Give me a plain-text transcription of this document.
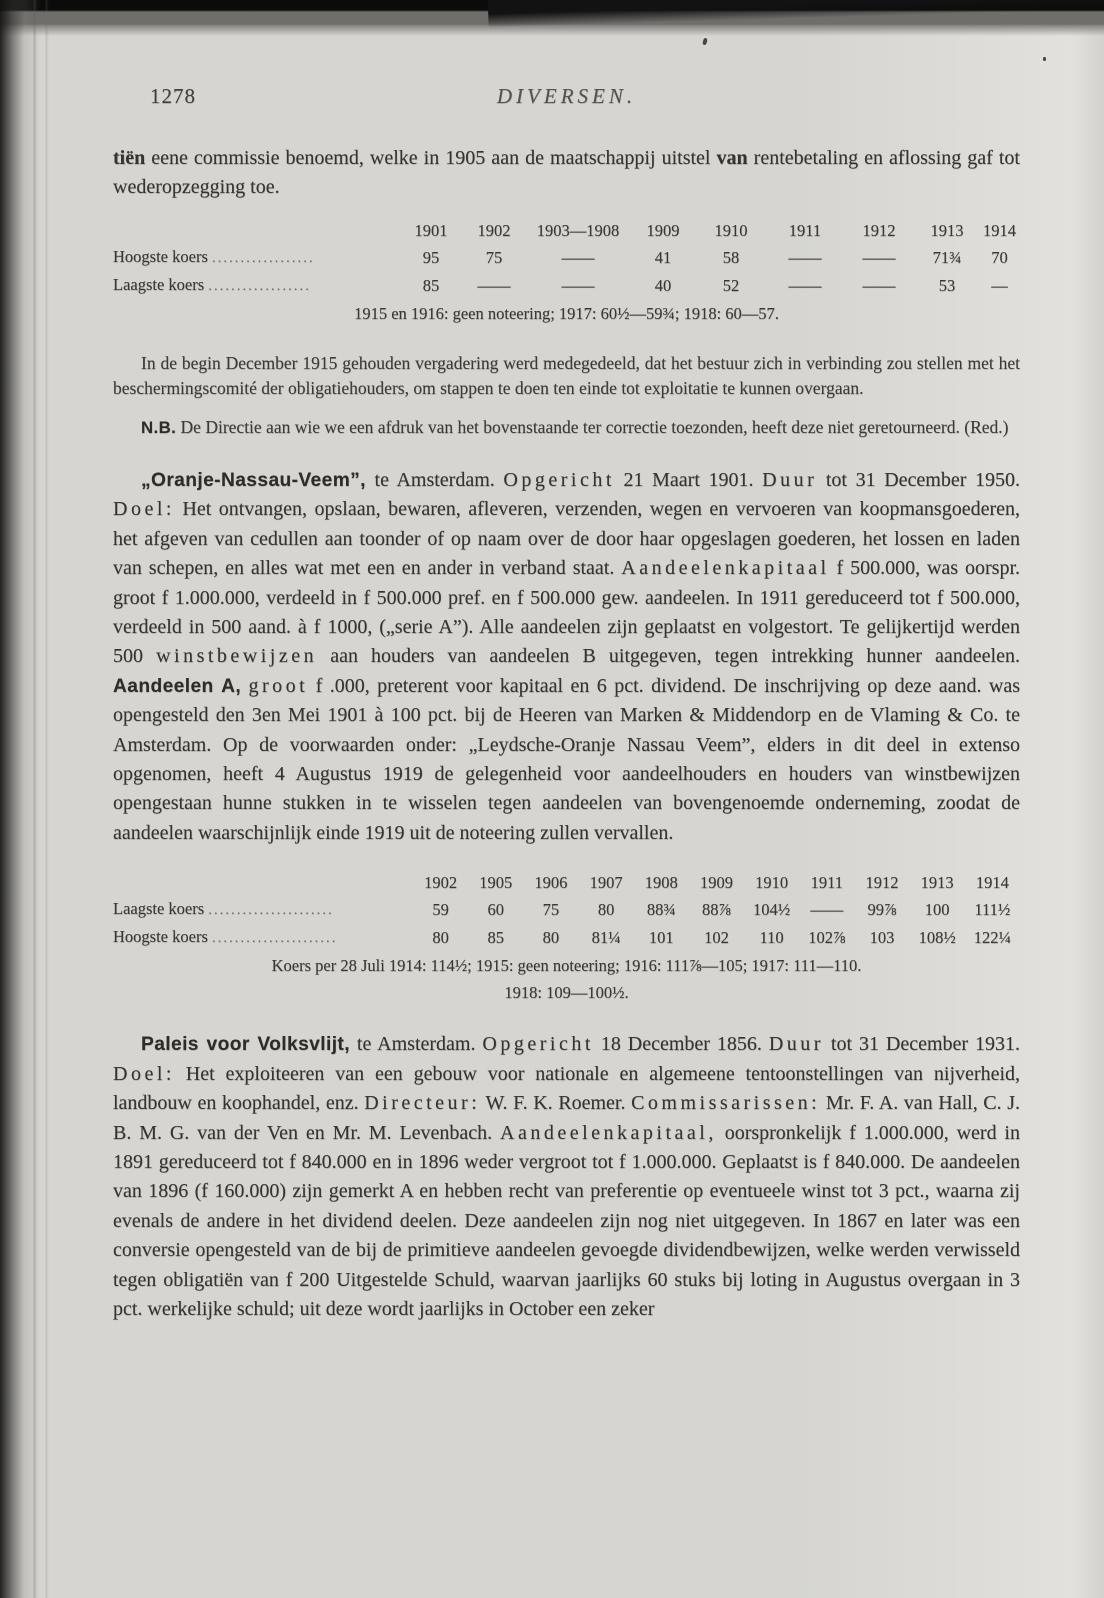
1278	DIVERSEN.

tiën eene commissie benoemd, welke in 1905 aan de maatschappij uitstel van rentebetaling en aflossing gaf tot wederopzegging toe.

	1901	1902	1903—1908	1909	1910	1911	1912	1913	1914
Hoogste koers ..................	95	75	——	41	58	——	——	71¾	70
Laagste koers ..................	85	——	——	40	52	——	——	53	—
1915 en 1916: geen noteering; 1917: 60½—59¾; 1918: 60—57.

In de begin December 1915 gehouden vergadering werd medegedeeld, dat het bestuur zich in verbinding zou stellen met het beschermingscomité der obligatiehouders, om stappen te doen ten einde tot exploitatie te kunnen overgaan.

N.B. De Directie aan wie we een afdruk van het bovenstaande ter correctie toezonden, heeft deze niet geretourneerd. (Red.)

„Oranje-Nassau-Veem”, te Amsterdam. Opgericht 21 Maart 1901. Duur tot 31 December 1950. Doel: Het ontvangen, opslaan, bewaren, afleveren, verzenden, wegen en vervoeren van koopmansgoederen, het afgeven van cedullen aan toonder of op naam over de door haar opgeslagen goederen, het lossen en laden van schepen, en alles wat met een en ander in verband staat. Aandeelenkapitaal f 500.000, was oorspr. groot f 1.000.000, verdeeld in f 500.000 pref. en f 500.000 gew. aandeelen. In 1911 gereduceerd tot f 500.000, verdeeld in 500 aand. à f 1000, („serie A”). Alle aandeelen zijn geplaatst en volgestort. Te gelijkertijd werden 500 winstbewijzen aan houders van aandeelen B uitgegeven, tegen intrekking hunner aandeelen. Aandeelen A, groot f .000, preterent voor kapitaal en 6 pct. dividend. De inschrijving op deze aand. was opengesteld den 3en Mei 1901 à 100 pct. bij de Heeren van Marken & Middendorp en de Vlaming & Co. te Amsterdam. Op de voorwaarden onder: „Leydsche-Oranje Nassau Veem”, elders in dit deel in extenso opgenomen, heeft 4 Augustus 1919 de gelegenheid voor aandeelhouders en houders van winstbewijzen opengestaan hunne stukken in te wisselen tegen aandeelen van bovengenoemde onderneming, zoodat de aandeelen waarschijnlijk einde 1919 uit de noteering zullen vervallen.

	1902	1905	1906	1907	1908	1909	1910	1911	1912	1913	1914
Laagste koers ......................	59	60	75	80	88¾	88⅞	104½	——	99⅞	100	111½
Hoogste koers ......................	80	85	80	81¼	101	102	110	102⅞	103	108½	122¼
Koers per 28 Juli 1914: 114½; 1915: geen noteering; 1916: 111⅞—105; 1917: 111—110.
1918: 109—100½.

Paleis voor Volksvlijt, te Amsterdam. Opgericht 18 December 1856. Duur tot 31 December 1931. Doel: Het exploiteeren van een gebouw voor nationale en algemeene tentoonstellingen van nijverheid, landbouw en koophandel, enz. Directeur: W. F. K. Roemer. Commissarissen: Mr. F. A. van Hall, C. J. B. M. G. van der Ven en Mr. M. Levenbach. Aandeelenkapitaal, oorspronkelijk f 1.000.000, werd in 1891 gereduceerd tot f 840.000 en in 1896 weder vergroot tot f 1.000.000. Geplaatst is f 840.000. De aandeelen van 1896 (f 160.000) zijn gemerkt A en hebben recht van preferentie op eventueele winst tot 3 pct., waarna zij evenals de andere in het dividend deelen. Deze aandeelen zijn nog niet uitgegeven. In 1867 en later was een conversie opengesteld van de bij de primitieve aandeelen gevoegde dividendbewijzen, welke werden verwisseld tegen obligatiën van f 200 Uitgestelde Schuld, waarvan jaarlijks 60 stuks bij loting in Augustus overgaan in 3 pct. werkelijke schuld; uit deze wordt jaarlijks in October een zeker
